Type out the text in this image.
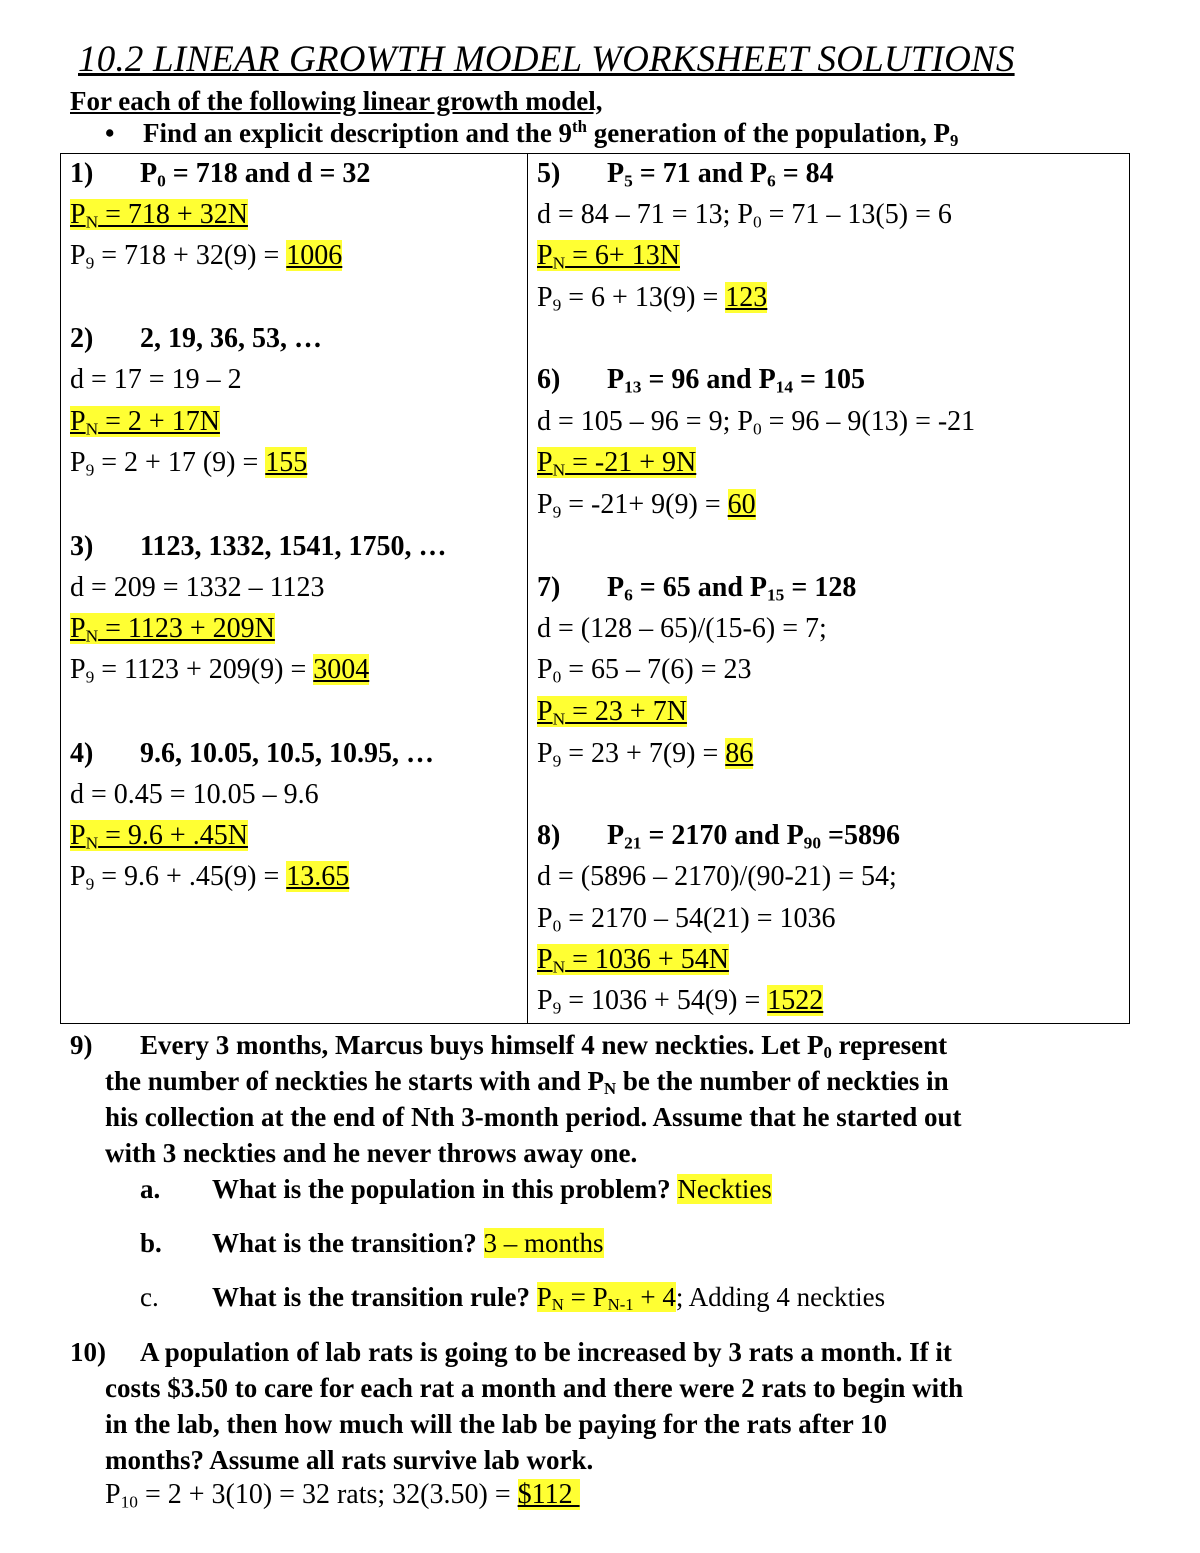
10.2 LINEAR GROWTH MODEL WORKSHEET SOLUTIONS
For each of the following linear growth model,
• Find an explicit description and the 9th generation of the population, $P_9$
1) $P_0 = 718$ and d = 32
$P_N = 718 + 32N$
$P_9 = 718 + 32(9) = 1006$
2) 2, 19, 36, 53, …
d = 17 = 19 – 2
$P_N = 2 + 17N$
$P_9 = 2 + 17$ (9) = 155
3) 1123, 1332, 1541, 1750, …
d = 209 = 1332 – 1123
$P_N = 1123 + 209N$
$P_9 = 1123 + 209(9) = 3004$
4) 9.6, 10.05, 10.5, 10.95, …
d = 0.45 = 10.05 – 9.6
$P_N = 9.6 + .45N$
$P_9 = 9.6 + .45(9) = 13.65$
5) $P_5 = 71$ and $P_6 = 84$
d = 84 – 71 = 13; $P_0 = 71 - 13(5) = 6$
$P_N = 6+ 13N$
$P_9 = 6 + 13(9) = 123$
6) $P_{13} = 96$ and $P_{14} = 105$
d = 105 – 96 = 9; $P_0 = 96 - 9(13) = -21$
$P_N = -21 + 9N$
$P_9 = -21+ 9(9) = 60$
7) $P_6 = 65$ and $P_{15} = 128$
d = (128 – 65)/(15-6) = 7;
$P_0 = 65 - 7(6) = 23$
$P_N = 23 + 7N$
$P_9 = 23 + 7(9) = 86$
8) $P_{21} = 2170$ and $P_{90} =5896$
d = (5896 – 2170)/(90-21) = 54;
$P_0 = 2170 - 54(21) = 1036$
$P_N = 1036 + 54N$
$P_9 = 1036 + 54(9) = 1522$
9) Every 3 months, Marcus buys himself 4 new neckties. Let $P_0$ represent
the number of neckties he starts with and $P_N$ be the number of neckties in
his collection at the end of Nth 3-month period. Assume that he started out
with 3 neckties and he never throws away one.
a. What is the population in this problem? Neckties
b. What is the transition? 3 – months
c. What is the transition rule? $P_N = P_{N-1} + 4$; Adding 4 neckties
10) A population of lab rats is going to be increased by 3 rats a month. If it
costs $3.50 to care for each rat a month and there were 2 rats to begin with
in the lab, then how much will the lab be paying for the rats after 10
months? Assume all rats survive lab work.
$P_{10} = 2 + 3(10) = 32$ rats; 32(3.50) = $112
